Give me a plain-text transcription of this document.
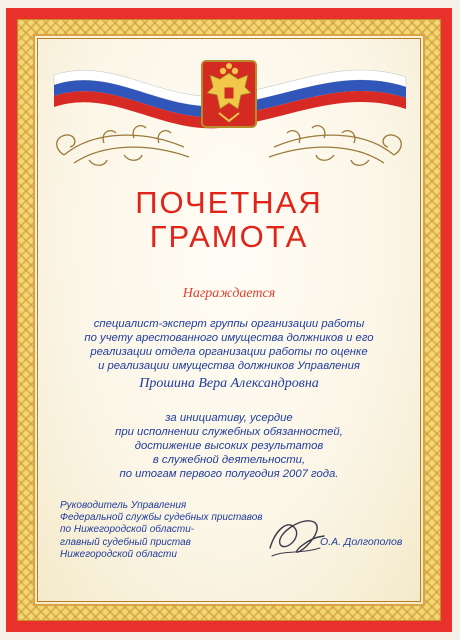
ПОЧЕТНАЯ
ГРАМОТА
Награждается
специалист-эксперт группы организации работы
по учету арестованного имущества должников и его
реализации отдела организации работы по оценке
и реализации имущества должников Управления
Прошина Вера Александровна
за инициативу, усердие
при исполнении служебных обязанностей,
достижение высоких результатов
в служебной деятельности,
по итогам первого полугодия 2007 года.
Руководитель Управления
Федеральной службы судебных приставов
по Нижегородской области-
главный судебный пристав
Нижегородской области
О.А. Долгополов
